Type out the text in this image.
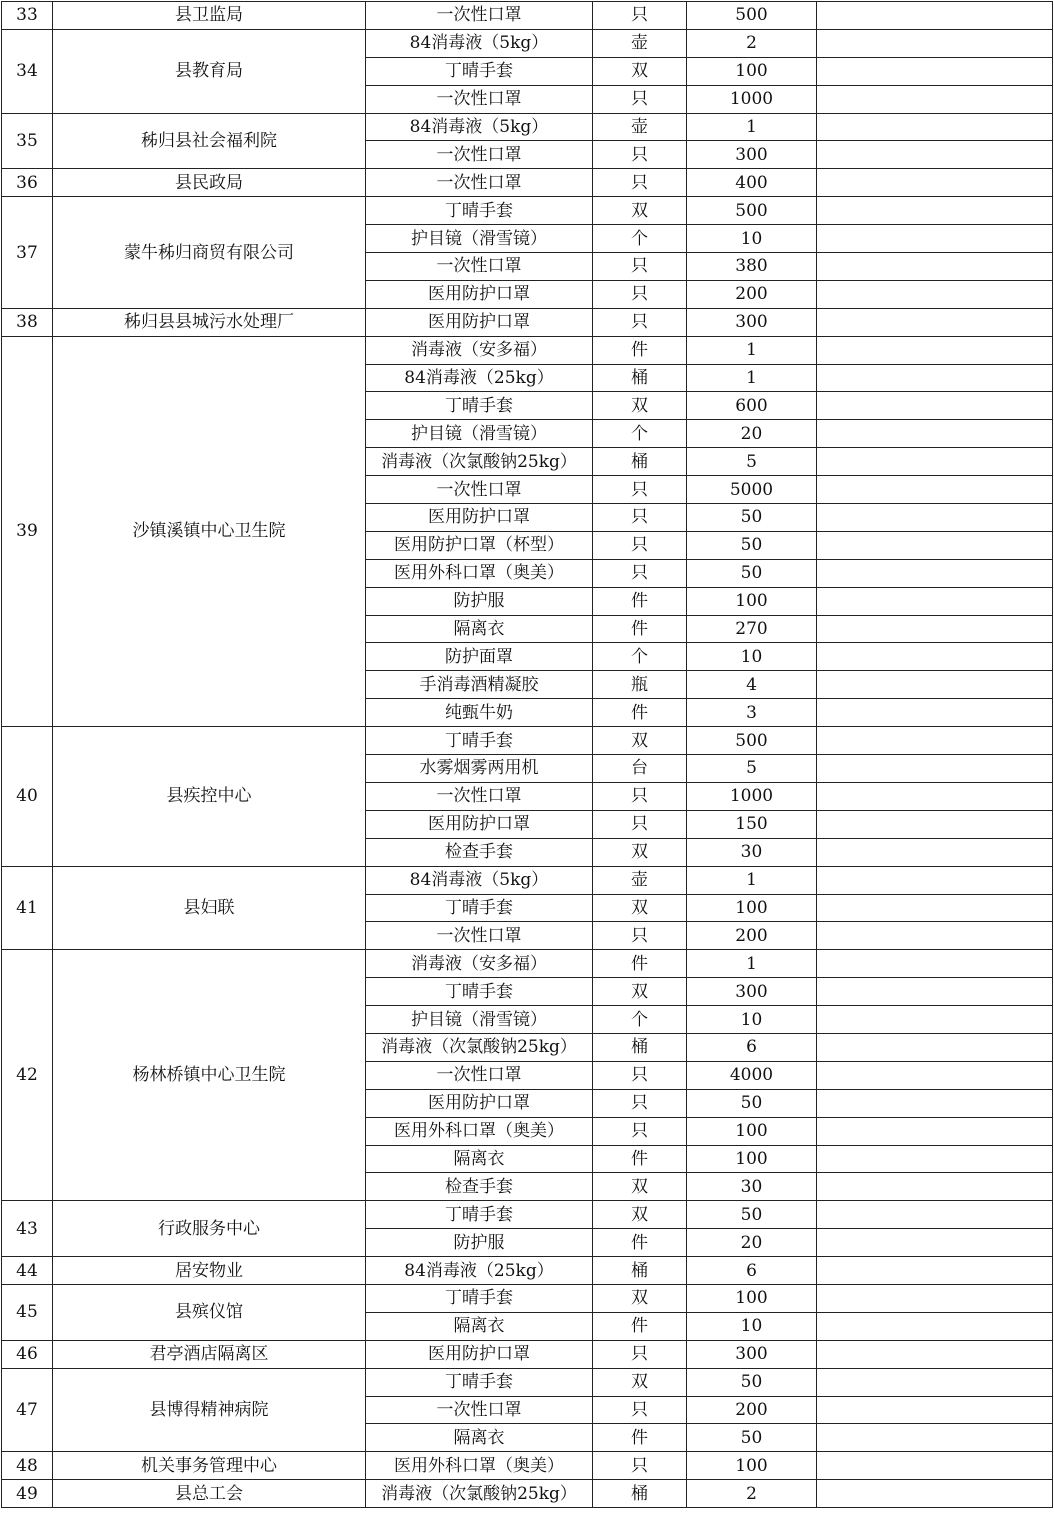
33	县卫监局	一次性口罩	只	500	
34	县教育局	84消毒液（5kg）	壶	2	
		丁晴手套	双	100	
		一次性口罩	只	1000	
35	秭归县社会福利院	84消毒液（5kg）	壶	1	
		一次性口罩	只	300	
36	县民政局	一次性口罩	只	400	
37	蒙牛秭归商贸有限公司	丁晴手套	双	500	
		护目镜（滑雪镜）	个	10	
		一次性口罩	只	380	
		医用防护口罩	只	200	
38	秭归县县城污水处理厂	医用防护口罩	只	300	
39	沙镇溪镇中心卫生院	消毒液（安多福）	件	1	
		84消毒液（25kg）	桶	1	
		丁晴手套	双	600	
		护目镜（滑雪镜）	个	20	
		消毒液（次氯酸钠25kg）	桶	5	
		一次性口罩	只	5000	
		医用防护口罩	只	50	
		医用防护口罩（杯型）	只	50	
		医用外科口罩（奥美）	只	50	
		防护服	件	100	
		隔离衣	件	270	
		防护面罩	个	10	
		手消毒酒精凝胶	瓶	4	
		纯甄牛奶	件	3	
40	县疾控中心	丁晴手套	双	500	
		水雾烟雾两用机	台	5	
		一次性口罩	只	1000	
		医用防护口罩	只	150	
		检查手套	双	30	
41	县妇联	84消毒液（5kg）	壶	1	
		丁晴手套	双	100	
		一次性口罩	只	200	
42	杨林桥镇中心卫生院	消毒液（安多福）	件	1	
		丁晴手套	双	300	
		护目镜（滑雪镜）	个	10	
		消毒液（次氯酸钠25kg）	桶	6	
		一次性口罩	只	4000	
		医用防护口罩	只	50	
		医用外科口罩（奥美）	只	100	
		隔离衣	件	100	
		检查手套	双	30	
43	行政服务中心	丁晴手套	双	50	
		防护服	件	20	
44	居安物业	84消毒液（25kg）	桶	6	
45	县殡仪馆	丁晴手套	双	100	
		隔离衣	件	10	
46	君亭酒店隔离区	医用防护口罩	只	300	
47	县博得精神病院	丁晴手套	双	50	
		一次性口罩	只	200	
		隔离衣	件	50	
48	机关事务管理中心	医用外科口罩（奥美）	只	100	
49	县总工会	消毒液（次氯酸钠25kg）	桶	2	
